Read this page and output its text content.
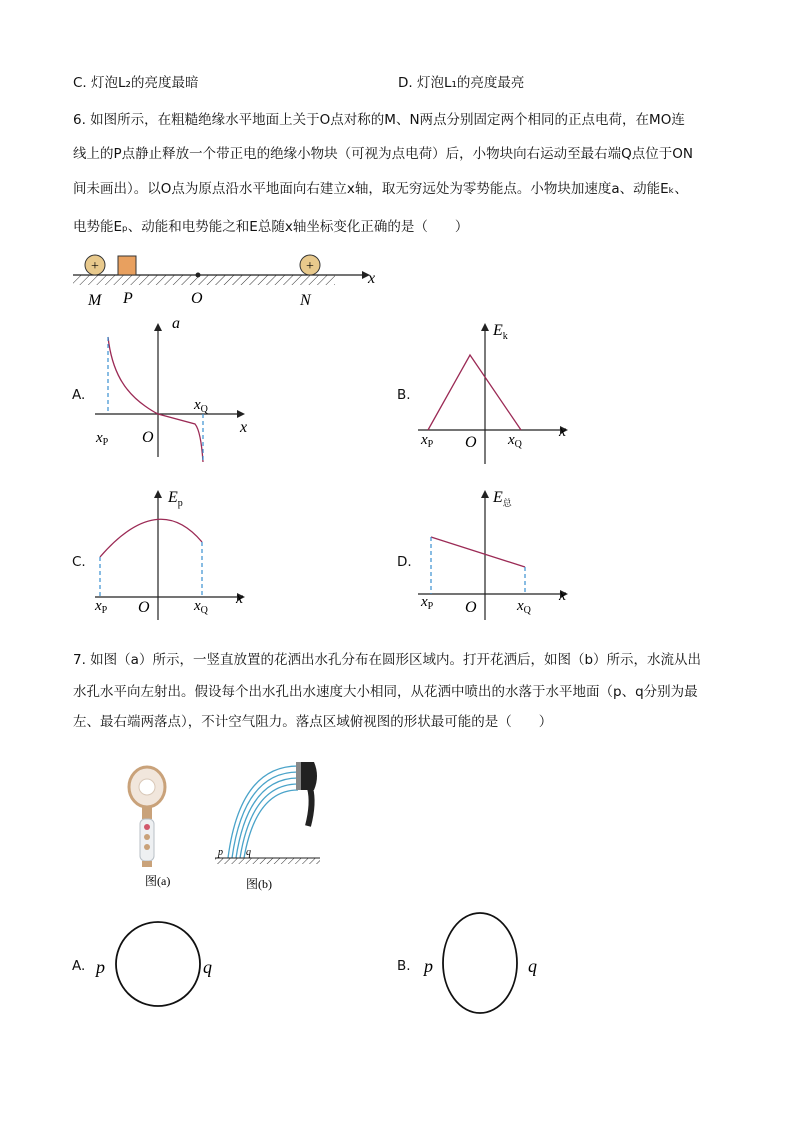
C. 灯泡L₂的亮度最暗	D. 灯泡L₁的亮度最亮
6. 如图所示，在粗糙绝缘水平地面上关于O点对称的M、N两点分别固定两个相同的正点电荷，在MO连
线上的P点静止释放一个带正电的绝缘小物块（可视为点电荷）后，小物块向右运动至最右端Q点位于ON
间未画出）。以O点为原点沿水平地面向右建立x轴，取无穷远处为零势能点。小物块加速度a、动能Eₖ、
电势能Eₚ、动能和电势能之和E总随x轴坐标变化正确的是（　　）
x
+	+
M P	O	N
A.
a
x
O
$x_P$
$x_Q$
B.
$E_k$
x
O
$x_P$	$x_Q$
C.
$E_p$
x
O
$x_P$	$x_Q$
D.
$E_总$
x
O
$x_P$	$x_Q$
7. 如图（a）所示，一竖直放置的花洒出水孔分布在圆形区域内。打开花洒后，如图（b）所示，水流从出
水孔水平向左射出。假设每个出水孔出水速度大小相同，从花洒中喷出的水落于水平地面（p、q分别为最
左、最右端两落点），不计空气阻力。落点区域俯视图的形状最可能的是（　　）
图(a)
p q
图(b)
A. p	q	B. p	q
